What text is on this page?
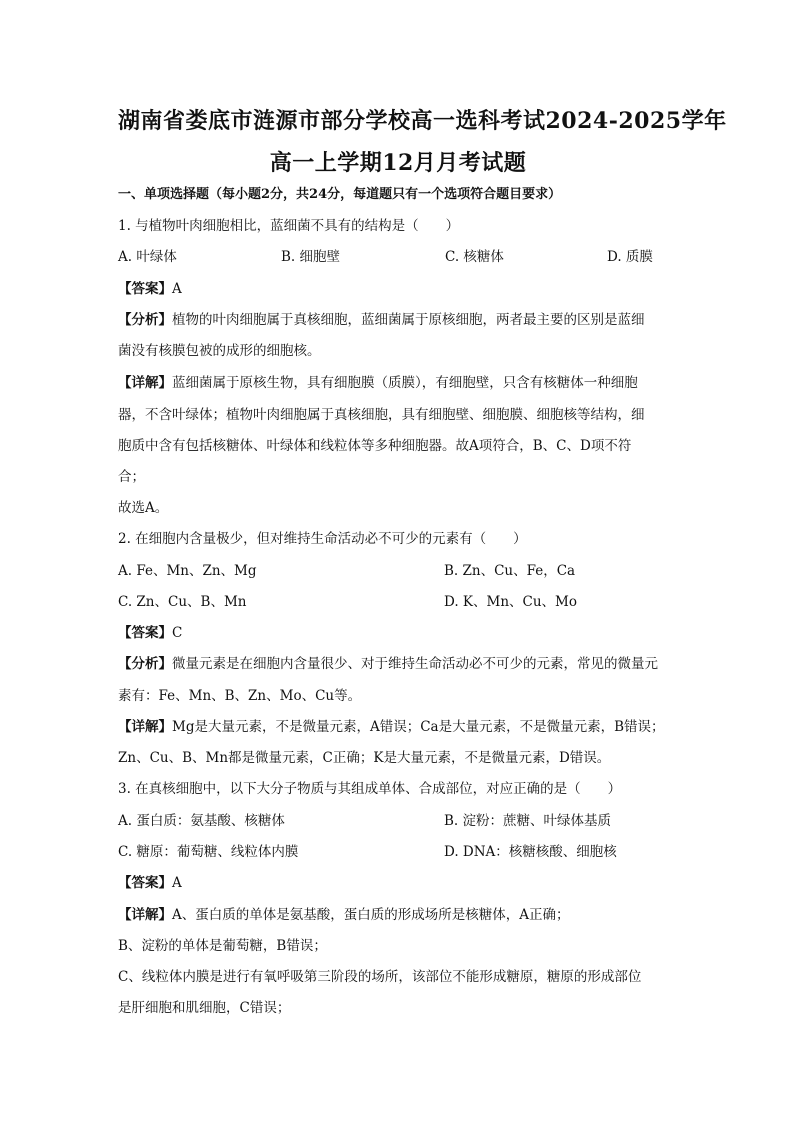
湖南省娄底市涟源市部分学校高一选科考试2024-2025学年
高一上学期12月月考试题
一、单项选择题（每小题2分，共24分，每道题只有一个选项符合题目要求）
1. 与植物叶肉细胞相比，蓝细菌不具有的结构是（　　）
A. 叶绿体	B. 细胞壁	C. 核糖体	D. 质膜
【答案】A
【分析】植物的叶肉细胞属于真核细胞，蓝细菌属于原核细胞，两者最主要的区别是蓝细
菌没有核膜包被的成形的细胞核。
【详解】蓝细菌属于原核生物，具有细胞膜（质膜），有细胞壁，只含有核糖体一种细胞
器，不含叶绿体；植物叶肉细胞属于真核细胞，具有细胞壁、细胞膜、细胞核等结构，细
胞质中含有包括核糖体、叶绿体和线粒体等多种细胞器。故A项符合，B、C、D项不符
合；
故选A。
2. 在细胞内含量极少，但对维持生命活动必不可少的元素有（　　）
A. Fe、Mn、Zn、Mg	B. Zn、Cu、Fe，Ca
C. Zn、Cu、B、Mn	D. K、Mn、Cu、Mo
【答案】C
【分析】微量元素是在细胞内含量很少、对于维持生命活动必不可少的元素，常见的微量元
素有：Fe、Mn、B、Zn、Mo、Cu等。
【详解】Mg是大量元素，不是微量元素，A错误；Ca是大量元素，不是微量元素，B错误；
Zn、Cu、B、Mn都是微量元素，C正确；K是大量元素，不是微量元素，D错误。
3. 在真核细胞中，以下大分子物质与其组成单体、合成部位，对应正确的是（　　）
A. 蛋白质：氨基酸、核糖体	B. 淀粉：蔗糖、叶绿体基质
C. 糖原：葡萄糖、线粒体内膜	D. DNA：核糖核酸、细胞核
【答案】A
【详解】A、蛋白质的单体是氨基酸，蛋白质的形成场所是核糖体，A正确；
B、淀粉的单体是葡萄糖，B错误；
C、线粒体内膜是进行有氧呼吸第三阶段的场所，该部位不能形成糖原，糖原的形成部位
是肝细胞和肌细胞，C错误；
